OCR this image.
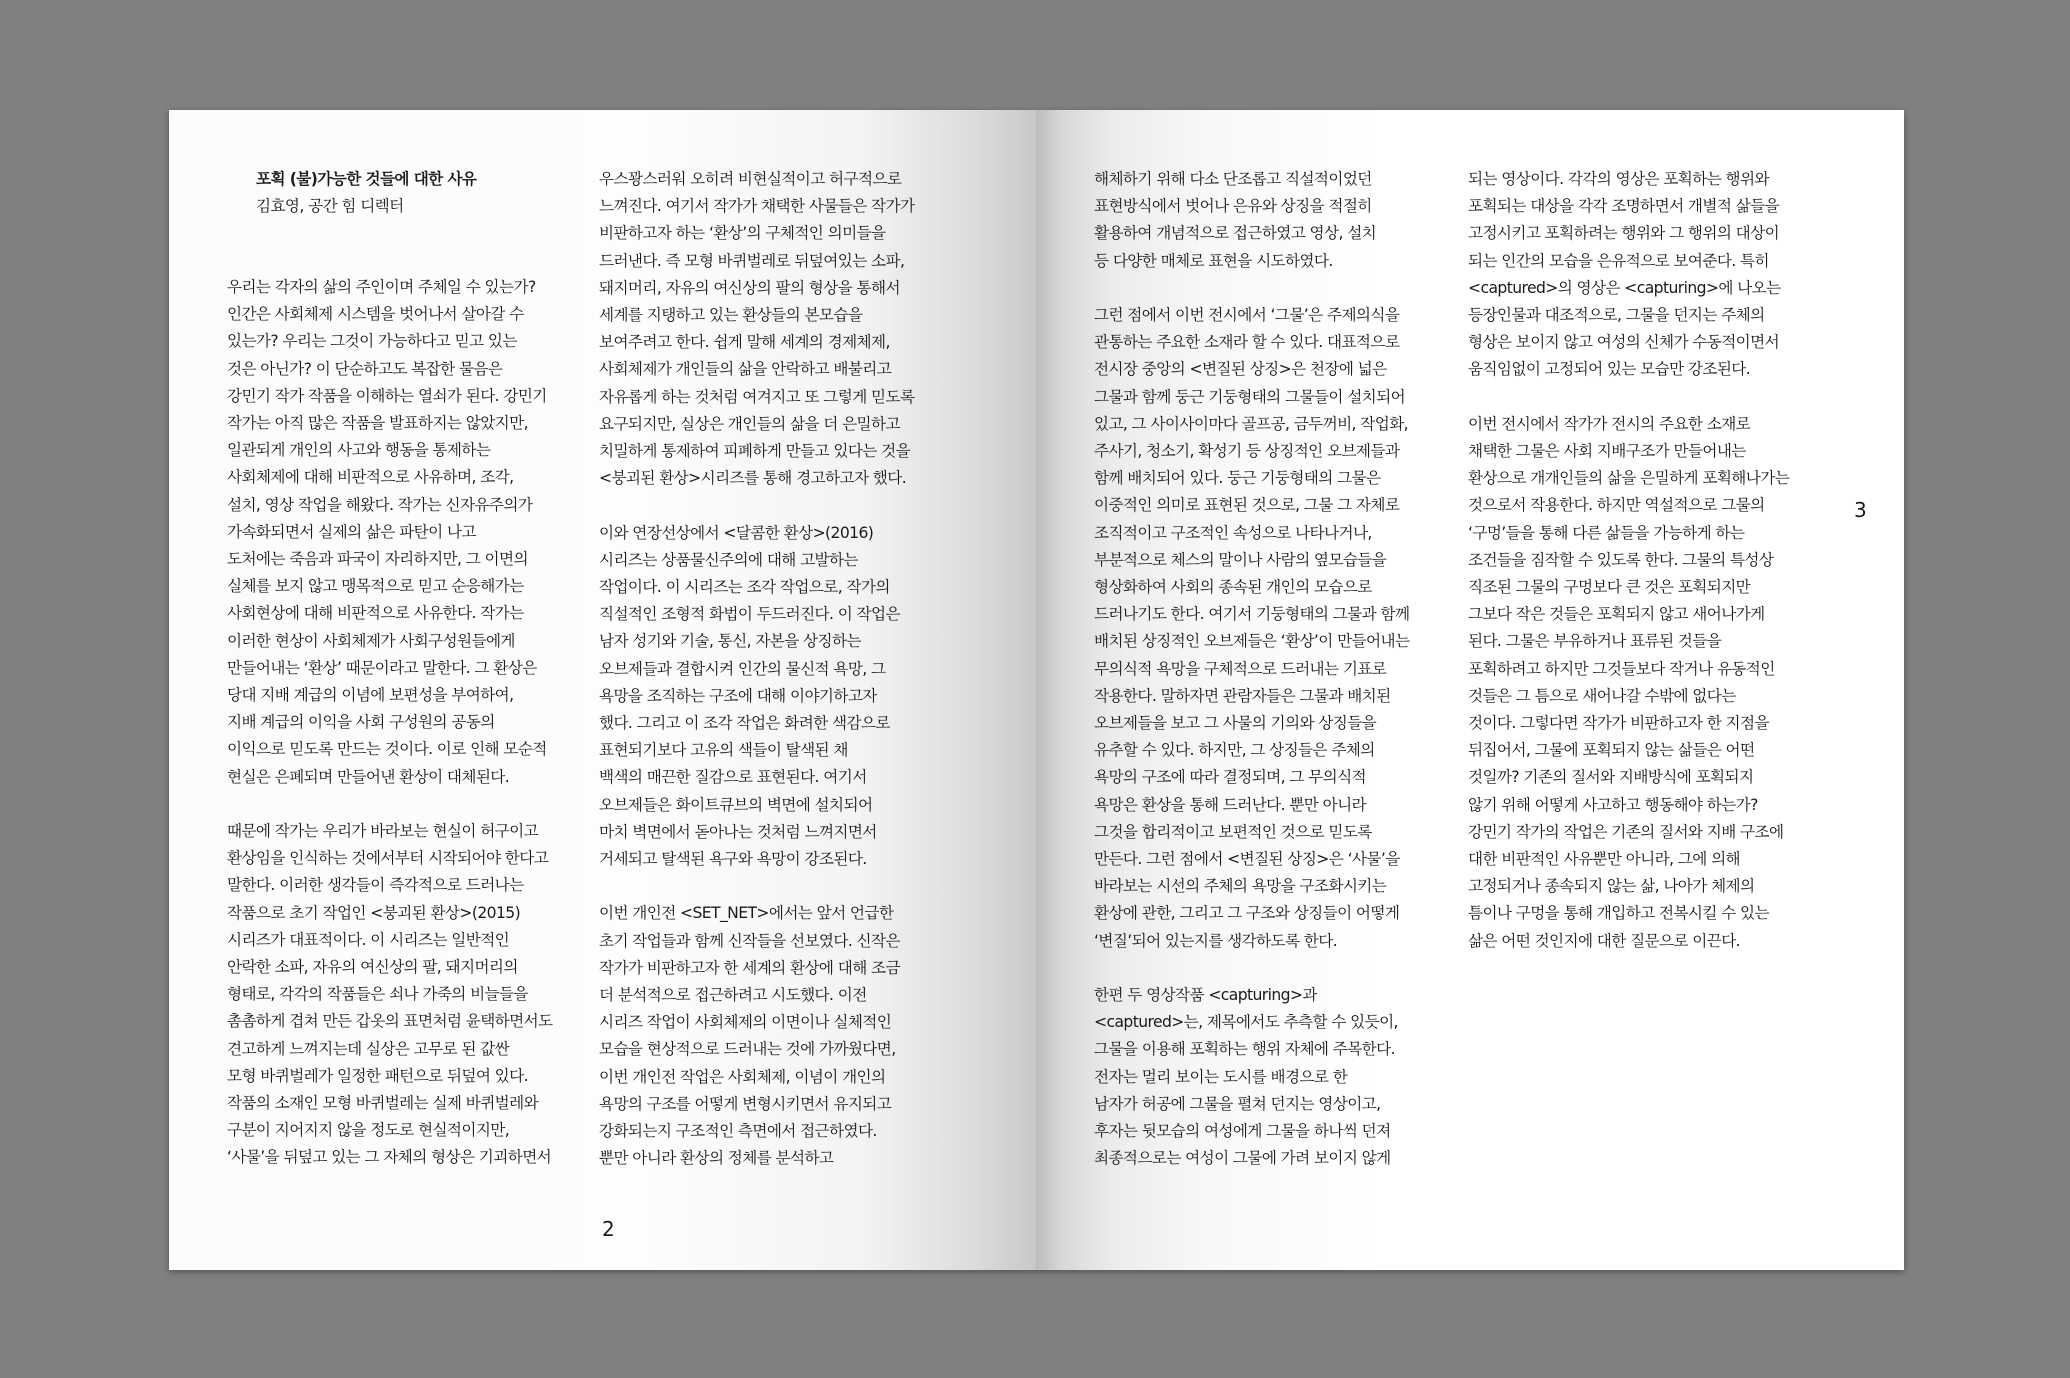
포획 (불)가능한 것들에 대한 사유

김효영, 공간 힘 디렉터

우리는 각자의 삶의 주인이며 주체일 수 있는가?

인간은 사회체제 시스템을 벗어나서 살아갈 수

있는가? 우리는 그것이 가능하다고 믿고 있는

것은 아닌가? 이 단순하고도 복잡한 물음은

강민기 작가 작품을 이해하는 열쇠가 된다. 강민기

작가는 아직 많은 작품을 발표하지는 않았지만,

일관되게 개인의 사고와 행동을 통제하는

사회체제에 대해 비판적으로 사유하며, 조각,

설치, 영상 작업을 해왔다. 작가는 신자유주의가

가속화되면서 실제의 삶은 파탄이 나고

도처에는 죽음과 파국이 자리하지만, 그 이면의

실체를 보지 않고 맹목적으로 믿고 순응해가는

사회현상에 대해 비판적으로 사유한다. 작가는

이러한 현상이 사회체제가 사회구성원들에게

만들어내는 ‘환상’ 때문이라고 말한다. 그 환상은

당대 지배 계급의 이념에 보편성을 부여하여,

지배 계급의 이익을 사회 구성원의 공동의

이익으로 믿도록 만드는 것이다. 이로 인해 모순적

현실은 은폐되며 만들어낸 환상이 대체된다.

때문에 작가는 우리가 바라보는 현실이 허구이고

환상임을 인식하는 것에서부터 시작되어야 한다고

말한다. 이러한 생각들이 즉각적으로 드러나는

작품으로 초기 작업인 <붕괴된 환상>(2015)

시리즈가 대표적이다. 이 시리즈는 일반적인

안락한 소파, 자유의 여신상의 팔, 돼지머리의

형태로, 각각의 작품들은 쇠나 가죽의 비늘들을

촘촘하게 겹쳐 만든 갑옷의 표면처럼 윤택하면서도

견고하게 느껴지는데 실상은 고무로 된 값싼

모형 바퀴벌레가 일정한 패턴으로 뒤덮여 있다.

작품의 소재인 모형 바퀴벌레는 실제 바퀴벌레와

구분이 지어지지 않을 정도로 현실적이지만,

‘사물’을 뒤덮고 있는 그 자체의 형상은 기괴하면서

우스꽝스러워 오히려 비현실적이고 허구적으로

느껴진다. 여기서 작가가 채택한 사물들은 작가가

비판하고자 하는 ‘환상’의 구체적인 의미들을

드러낸다. 즉 모형 바퀴벌레로 뒤덮여있는 소파,

돼지머리, 자유의 여신상의 팔의 형상을 통해서

세계를 지탱하고 있는 환상들의 본모습을

보여주려고 한다. 쉽게 말해 세계의 경제체제,

사회체제가 개인들의 삶을 안락하고 배불리고

자유롭게 하는 것처럼 여겨지고 또 그렇게 믿도록

요구되지만, 실상은 개인들의 삶을 더 은밀하고

치밀하게 통제하여 피폐하게 만들고 있다는 것을

<붕괴된 환상>시리즈를 통해 경고하고자 했다.

이와 연장선상에서 <달콤한 환상>(2016)

시리즈는 상품물신주의에 대해 고발하는

작업이다. 이 시리즈는 조각 작업으로, 작가의

직설적인 조형적 화법이 두드러진다. 이 작업은

남자 성기와 기술, 통신, 자본을 상징하는

오브제들과 결합시켜 인간의 물신적 욕망, 그

욕망을 조직하는 구조에 대해 이야기하고자

했다. 그리고 이 조각 작업은 화려한 색감으로

표현되기보다 고유의 색들이 탈색된 채

백색의 매끈한 질감으로 표현된다. 여기서

오브제들은 화이트큐브의 벽면에 설치되어

마치 벽면에서 돋아나는 것처럼 느껴지면서

거세되고 탈색된 욕구와 욕망이 강조된다.

이번 개인전 <SET_NET>에서는 앞서 언급한

초기 작업들과 함께 신작들을 선보였다. 신작은

작가가 비판하고자 한 세계의 환상에 대해 조금

더 분석적으로 접근하려고 시도했다. 이전

시리즈 작업이 사회체제의 이면이나 실체적인

모습을 현상적으로 드러내는 것에 가까웠다면,

이번 개인전 작업은 사회체제, 이념이 개인의

욕망의 구조를 어떻게 변형시키면서 유지되고

강화되는지 구조적인 측면에서 접근하였다.

뿐만 아니라 환상의 정체를 분석하고

2

해체하기 위해 다소 단조롭고 직설적이었던

표현방식에서 벗어나 은유와 상징을 적절히

활용하여 개념적으로 접근하였고 영상, 설치

등 다양한 매체로 표현을 시도하였다.

그런 점에서 이번 전시에서 ‘그물’은 주제의식을

관통하는 주요한 소재라 할 수 있다. 대표적으로

전시장 중앙의 <변질된 상징>은 천장에 넓은

그물과 함께 둥근 기둥형태의 그물들이 설치되어

있고, 그 사이사이마다 골프공, 금두꺼비, 작업화,

주사기, 청소기, 확성기 등 상징적인 오브제들과

함께 배치되어 있다. 둥근 기둥형태의 그물은

이중적인 의미로 표현된 것으로, 그물 그 자체로

조직적이고 구조적인 속성으로 나타나거나,

부분적으로 체스의 말이나 사람의 옆모습들을

형상화하여 사회의 종속된 개인의 모습으로

드러나기도 한다. 여기서 기둥형태의 그물과 함께

배치된 상징적인 오브제들은 ‘환상’이 만들어내는

무의식적 욕망을 구체적으로 드러내는 기표로

작용한다. 말하자면 관람자들은 그물과 배치된

오브제들을 보고 그 사물의 기의와 상징들을

유추할 수 있다. 하지만, 그 상징들은 주체의

욕망의 구조에 따라 결정되며, 그 무의식적

욕망은 환상을 통해 드러난다. 뿐만 아니라

그것을 합리적이고 보편적인 것으로 믿도록

만든다. 그런 점에서 <변질된 상징>은 ‘사물’을

바라보는 시선의 주체의 욕망을 구조화시키는

환상에 관한, 그리고 그 구조와 상징들이 어떻게

‘변질’되어 있는지를 생각하도록 한다.

한편 두 영상작품 <capturing>과

<captured>는, 제목에서도 추측할 수 있듯이,

그물을 이용해 포획하는 행위 자체에 주목한다.

전자는 멀리 보이는 도시를 배경으로 한

남자가 허공에 그물을 펼쳐 던지는 영상이고,

후자는 뒷모습의 여성에게 그물을 하나씩 던져

최종적으로는 여성이 그물에 가려 보이지 않게

되는 영상이다. 각각의 영상은 포획하는 행위와

포획되는 대상을 각각 조명하면서 개별적 삶들을

고정시키고 포획하려는 행위와 그 행위의 대상이

되는 인간의 모습을 은유적으로 보여준다. 특히

<captured>의 영상은 <capturing>에 나오는

등장인물과 대조적으로, 그물을 던지는 주체의

형상은 보이지 않고 여성의 신체가 수동적이면서

움직임없이 고정되어 있는 모습만 강조된다.

이번 전시에서 작가가 전시의 주요한 소재로

채택한 그물은 사회 지배구조가 만들어내는

환상으로 개개인들의 삶을 은밀하게 포획해나가는

것으로서 작용한다. 하지만 역설적으로 그물의

‘구멍’들을 통해 다른 삶들을 가능하게 하는

조건들을 짐작할 수 있도록 한다. 그물의 특성상

직조된 그물의 구멍보다 큰 것은 포획되지만

그보다 작은 것들은 포획되지 않고 새어나가게

된다. 그물은 부유하거나 표류된 것들을

포획하려고 하지만 그것들보다 작거나 유동적인

것들은 그 틈으로 새어나갈 수밖에 없다는

것이다. 그렇다면 작가가 비판하고자 한 지점을

뒤집어서, 그물에 포획되지 않는 삶들은 어떤

것일까? 기존의 질서와 지배방식에 포획되지

않기 위해 어떻게 사고하고 행동해야 하는가?

강민기 작가의 작업은 기존의 질서와 지배 구조에

대한 비판적인 사유뿐만 아니라, 그에 의해

고정되거나 종속되지 않는 삶, 나아가 체제의

틈이나 구멍을 통해 개입하고 전복시킬 수 있는

삶은 어떤 것인지에 대한 질문으로 이끈다.

3
